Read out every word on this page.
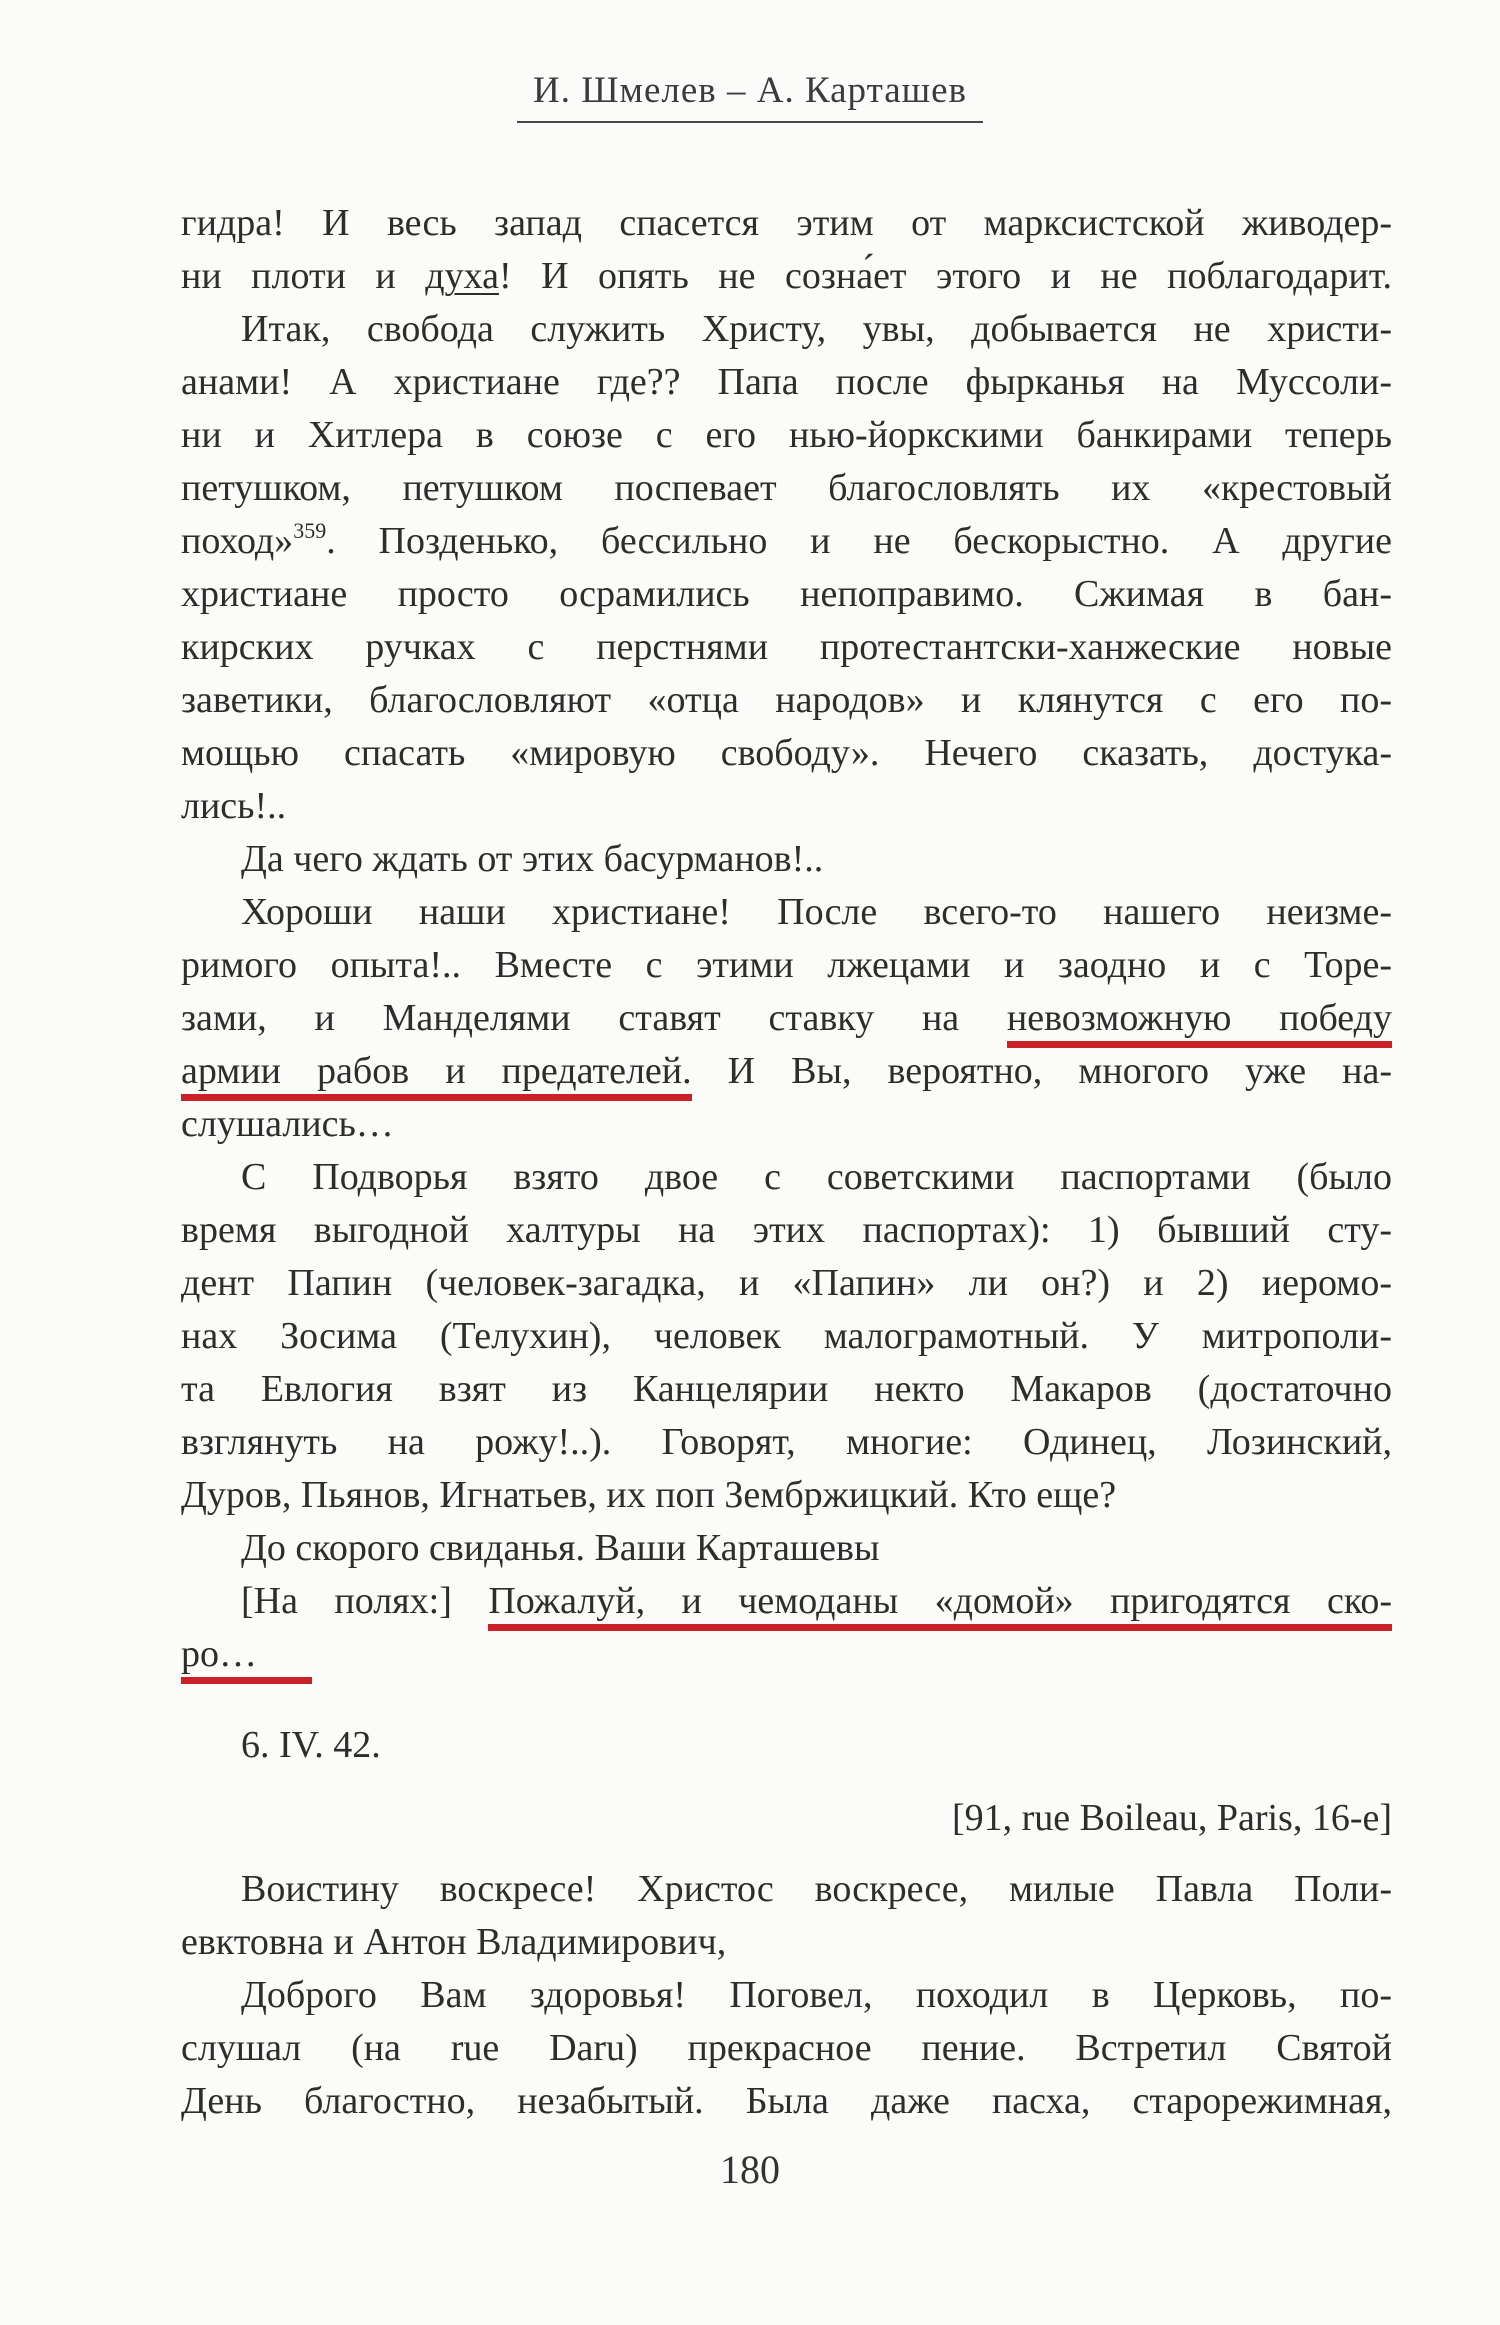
И. Шмелев – А. Карташев
гидра! И весь запад спасется этим от марксистской живодер-
ни плоти и духа! И опять не созна́ет этого и не поблагодарит.
Итак, свобода служить Христу, увы, добывается не христи-
анами! А христиане где?? Папа после фырканья на Муссоли-
ни и Хитлера в союзе с его нью-йоркскими банкирами теперь
петушком, петушком поспевает благословлять их «крестовый
поход»$^{359}$. Позденько, бессильно и не бескорыстно. А другие
христиане просто осрамились непоправимо. Сжимая в бан-
кирских ручках с перстнями протестантски-ханжеские новые
заветики, благословляют «отца народов» и клянутся с его по-
мощью спасать «мировую свободу». Нечего сказать, достука-
лись!..
Да чего ждать от этих басурманов!..
Хороши наши христиане! После всего-то нашего неизме-
римого опыта!.. Вместе с этими лжецами и заодно и с Торе-
зами, и Манделями ставят ставку на невозможную победу
армии рабов и предателей. И Вы, вероятно, многого уже на-
слушались…
С Подворья взято двое с советскими паспортами (было
время выгодной халтуры на этих паспортах): 1) бывший сту-
дент Папин (человек-загадка, и «Папин» ли он?) и 2) иеромо-
нах Зосима (Телухин), человек малограмотный. У митрополи-
та Евлогия взят из Канцелярии некто Макаров (достаточно
взглянуть на рожу!..). Говорят, многие: Одинец, Лозинский,
Дуров, Пьянов, Игнатьев, их поп Зембржицкий. Кто еще?
До скорого свиданья. Ваши Карташевы
[На полях:] Пожалуй, и чемоданы «домой» пригодятся ско-
ро…
6. IV. 42.
[91, rue Boileau, Paris, 16-e]
Воистину воскресе! Христос воскресе, милые Павла Поли-
евктовна и Антон Владимирович,
Доброго Вам здоровья! Поговел, походил в Церковь, по-
слушал (на rue Daru) прекрасное пение. Встретил Святой
День благостно, незабытый. Была даже пасха, старорежимная,
180
